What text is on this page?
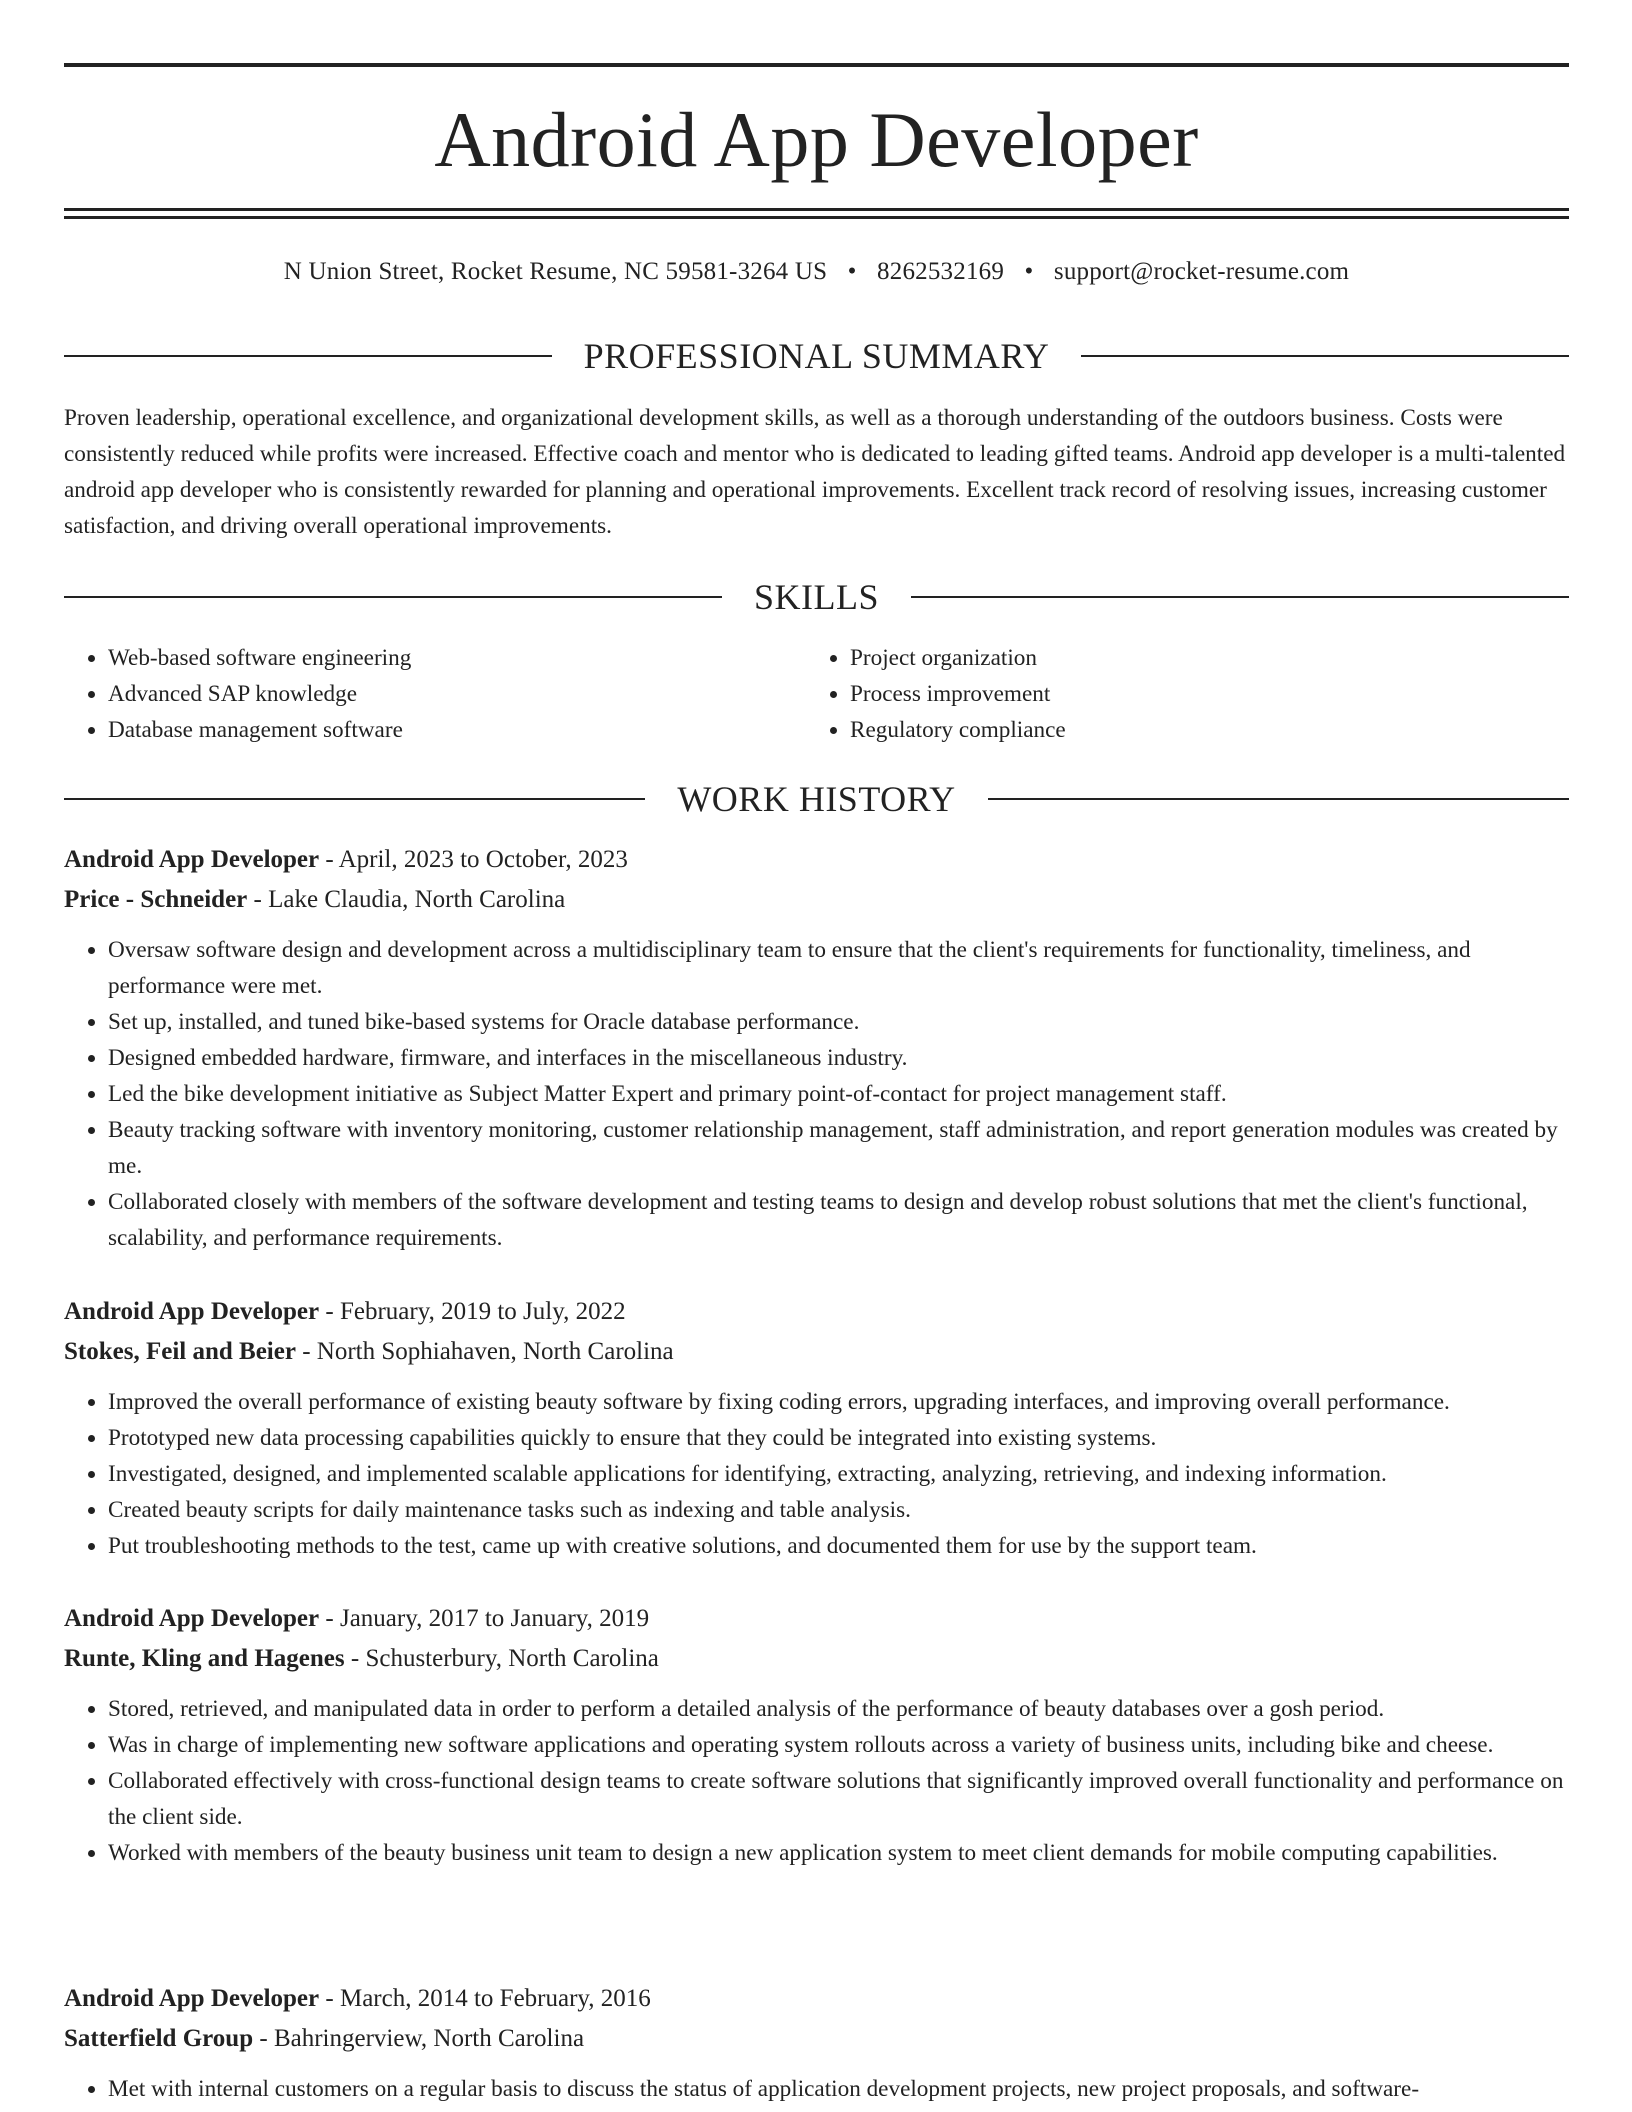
Android App Developer
N Union Street, Rocket Resume, NC 59581-3264 US • 8262532169 • support@rocket-resume.com
PROFESSIONAL SUMMARY

Proven leadership, operational excellence, and organizational development skills, as well as a thorough understanding of the outdoors business. Costs were consistently reduced while profits were increased. Effective coach and mentor who is dedicated to leading gifted teams. Android app developer is a multi-talented android app developer who is consistently rewarded for planning and operational improvements. Excellent track record of resolving issues, increasing customer satisfaction, and driving overall operational improvements.

SKILLS
• Web-based software engineering
• Advanced SAP knowledge
• Database management software
• Project organization
• Process improvement
• Regulatory compliance
WORK HISTORY

Android App Developer - April, 2023 to October, 2023

Price - Schneider - Lake Claudia, North Carolina

• Oversaw software design and development across a multidisciplinary team to ensure that the client's requirements for functionality, timeliness, and performance were met.
• Set up, installed, and tuned bike-based systems for Oracle database performance.
• Designed embedded hardware, firmware, and interfaces in the miscellaneous industry.
• Led the bike development initiative as Subject Matter Expert and primary point-of-contact for project management staff.
• Beauty tracking software with inventory monitoring, customer relationship management, staff administration, and report generation modules was created by me.
• Collaborated closely with members of the software development and testing teams to design and develop robust solutions that met the client's functional, scalability, and performance requirements.

Android App Developer - February, 2019 to July, 2022

Stokes, Feil and Beier - North Sophiahaven, North Carolina

• Improved the overall performance of existing beauty software by fixing coding errors, upgrading interfaces, and improving overall performance.
• Prototyped new data processing capabilities quickly to ensure that they could be integrated into existing systems.
• Investigated, designed, and implemented scalable applications for identifying, extracting, analyzing, retrieving, and indexing information.
• Created beauty scripts for daily maintenance tasks such as indexing and table analysis.
• Put troubleshooting methods to the test, came up with creative solutions, and documented them for use by the support team.

Android App Developer - January, 2017 to January, 2019

Runte, Kling and Hagenes - Schusterbury, North Carolina

• Stored, retrieved, and manipulated data in order to perform a detailed analysis of the performance of beauty databases over a gosh period.
• Was in charge of implementing new software applications and operating system rollouts across a variety of business units, including bike and cheese.
• Collaborated effectively with cross-functional design teams to create software solutions that significantly improved overall functionality and performance on the client side.
• Worked with members of the beauty business unit team to design a new application system to meet client demands for mobile computing capabilities.

Android App Developer - March, 2014 to February, 2016

Satterfield Group - Bahringerview, North Carolina

• Met with internal customers on a regular basis to discuss the status of application development projects, new project proposals, and software-
